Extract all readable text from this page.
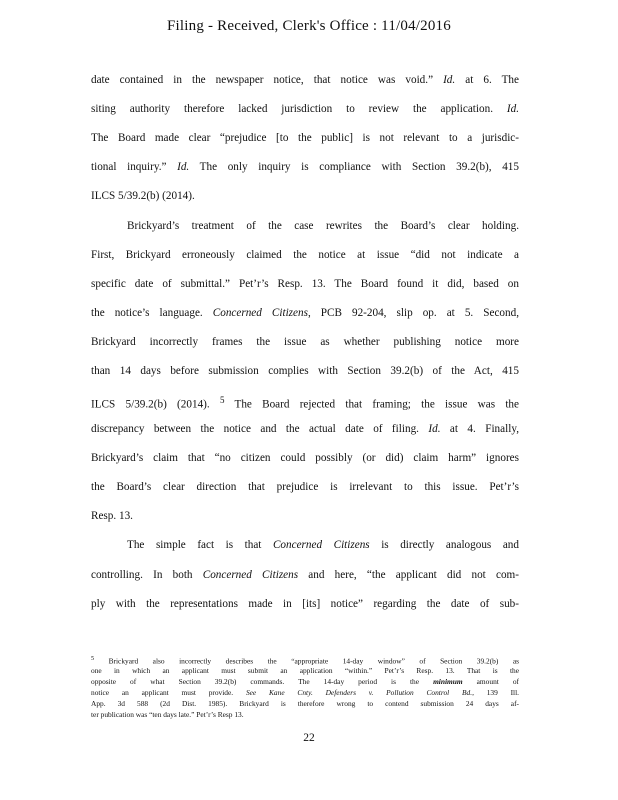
Filing - Received, Clerk's Office : 11/04/2016
date contained in the newspaper notice, that notice was void.” Id. at 6. The
siting authority therefore lacked jurisdiction to review the application. Id.
The Board made clear “prejudice [to the public] is not relevant to a jurisdic-
tional inquiry.” Id. The only inquiry is compliance with Section 39.2(b), 415
ILCS 5/39.2(b) (2014).
Brickyard’s treatment of the case rewrites the Board’s clear holding.
First, Brickyard erroneously claimed the notice at issue “did not indicate a
specific date of submittal.” Pet’r’s Resp. 13. The Board found it did, based on
the notice’s language. Concerned Citizens, PCB 92-204, slip op. at 5. Second,
Brickyard incorrectly frames the issue as whether publishing notice more
than 14 days before submission complies with Section 39.2(b) of the Act, 415
ILCS 5/39.2(b) (2014). $^5$ The Board rejected that framing; the issue was the
discrepancy between the notice and the actual date of filing. Id. at 4. Finally,
Brickyard’s claim that “no citizen could possibly (or did) claim harm” ignores
the Board’s clear direction that prejudice is irrelevant to this issue. Pet’r’s
Resp. 13.
The simple fact is that Concerned Citizens is directly analogous and
controlling. In both Concerned Citizens and here, “the applicant did not com-
ply with the representations made in [its] notice” regarding the date of sub-
$^5$ Brickyard also incorrectly describes the “appropriate 14-day window” of Section 39.2(b) as
one in which an applicant must submit an application “within.” Pet’r’s Resp. 13. That is the
opposite of what Section 39.2(b) commands. The 14-day period is the minimum amount of
notice an applicant must provide. See Kane Cnty. Defenders v. Pollution Control Bd., 139 Ill.
App. 3d 588 (2d Dist. 1985). Brickyard is therefore wrong to contend submission 24 days af-
ter publication was “ten days late.” Pet’r’s Resp 13.
22
